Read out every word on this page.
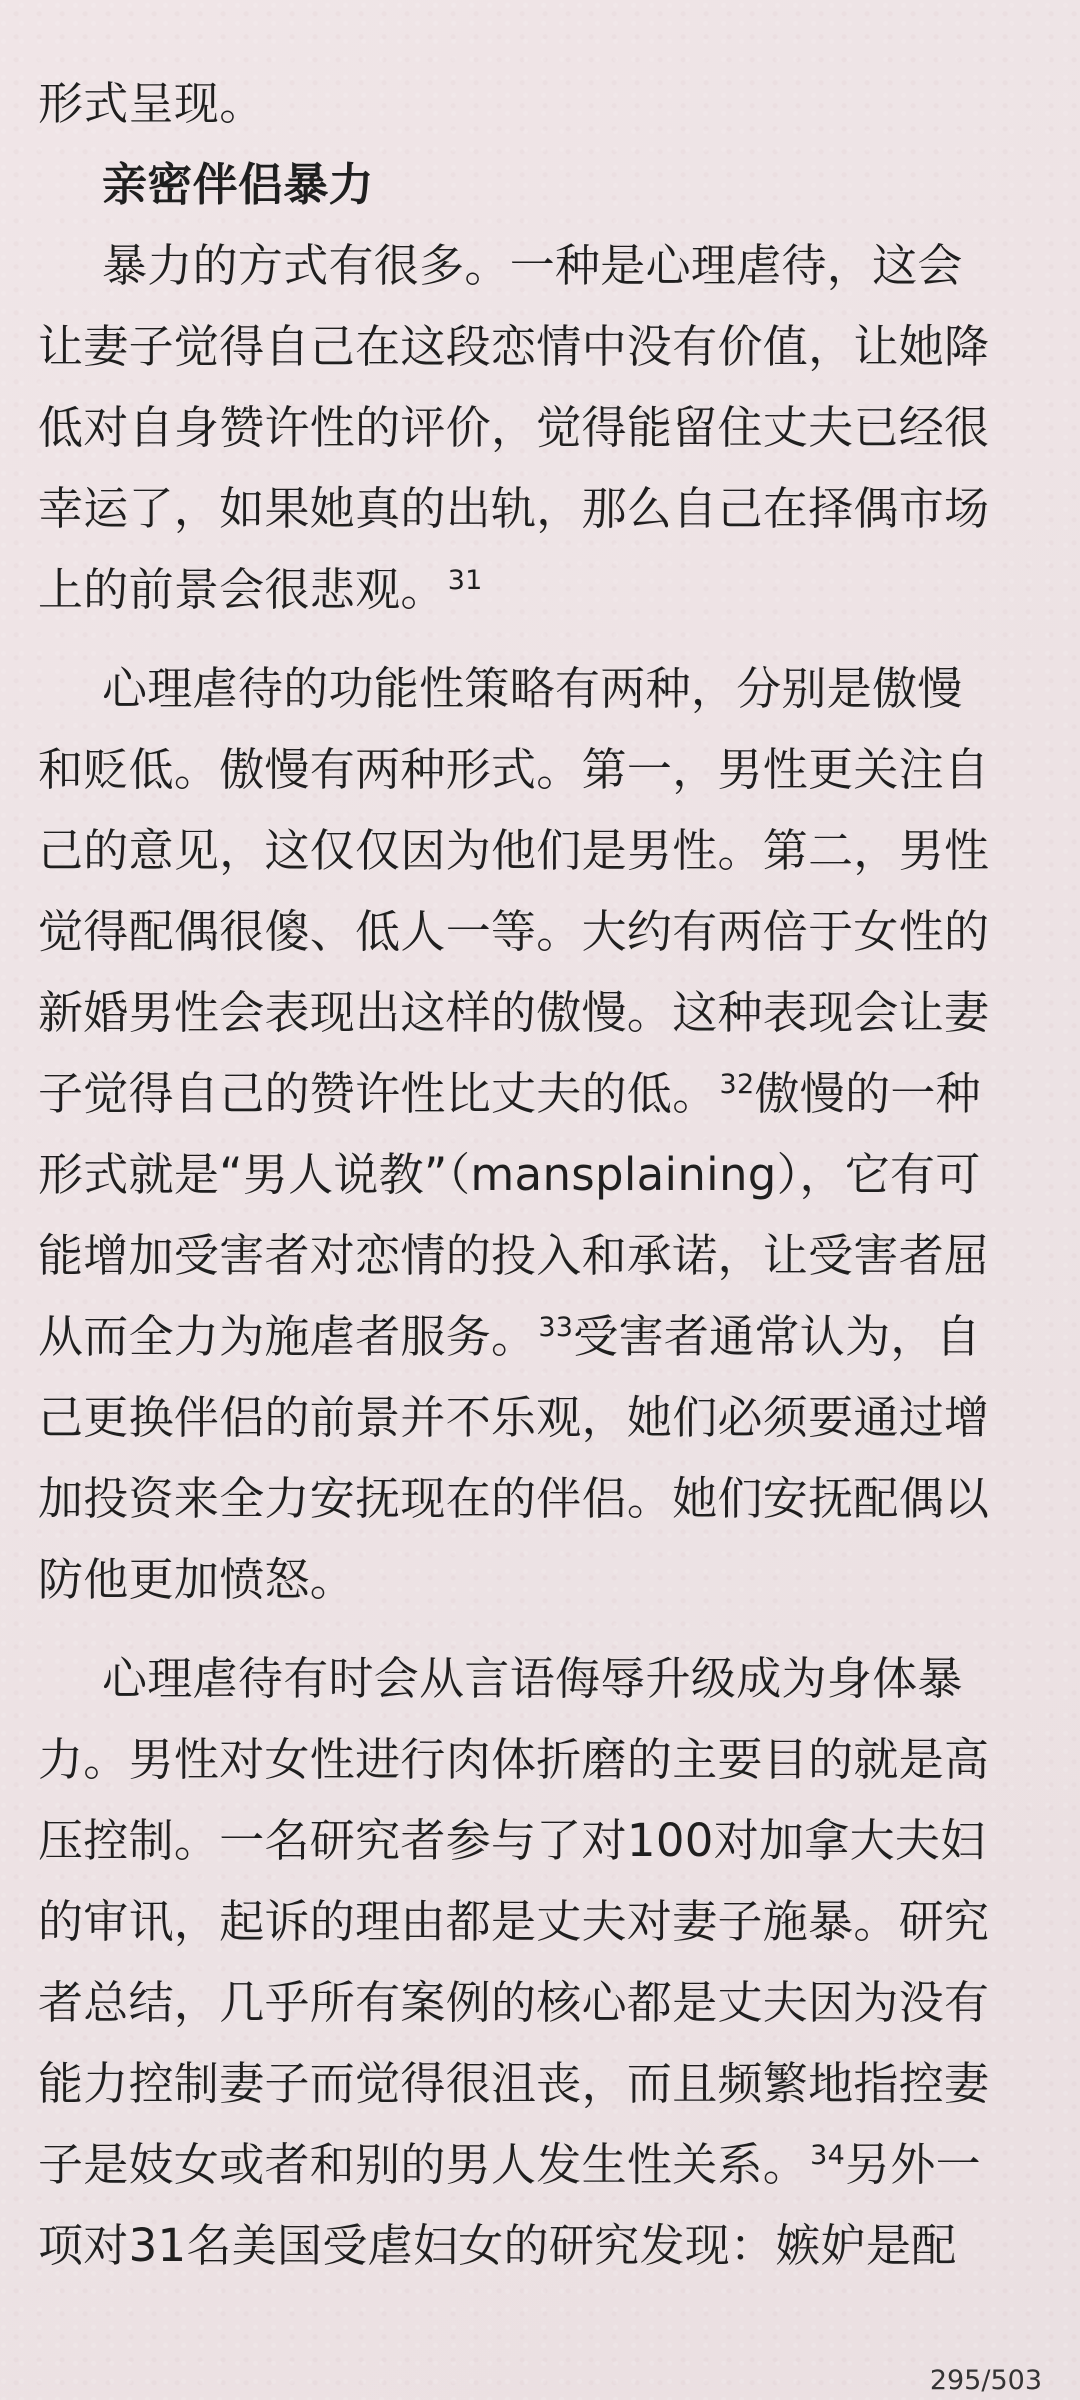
形式呈现。
亲密伴侣暴力
暴力的方式有很多。一种是心理虐待，这会
让妻子觉得自己在这段恋情中没有价值，让她降
低对自身赞许性的评价，觉得能留住丈夫已经很
幸运了，如果她真的出轨，那么自己在择偶市场
上的前景会很悲观。$^{31}$
心理虐待的功能性策略有两种，分别是傲慢
和贬低。傲慢有两种形式。第一，男性更关注自
己的意见，这仅仅因为他们是男性。第二，男性
觉得配偶很傻、低人一等。大约有两倍于女性的
新婚男性会表现出这样的傲慢。这种表现会让妻
子觉得自己的赞许性比丈夫的低。$^{32}$傲慢的一种
形式就是“男人说教”（mansplaining），它有可
能增加受害者对恋情的投入和承诺，让受害者屈
从而全力为施虐者服务。$^{33}$受害者通常认为，自
己更换伴侣的前景并不乐观，她们必须要通过增
加投资来全力安抚现在的伴侣。她们安抚配偶以
防他更加愤怒。
心理虐待有时会从言语侮辱升级成为身体暴
力。男性对女性进行肉体折磨的主要目的就是高
压控制。一名研究者参与了对100对加拿大夫妇
的审讯，起诉的理由都是丈夫对妻子施暴。研究
者总结，几乎所有案例的核心都是丈夫因为没有
能力控制妻子而觉得很沮丧，而且频繁地指控妻
子是妓女或者和别的男人发生性关系。$^{34}$另外一
项对31名美国受虐妇女的研究发现：嫉妒是配
295/503
